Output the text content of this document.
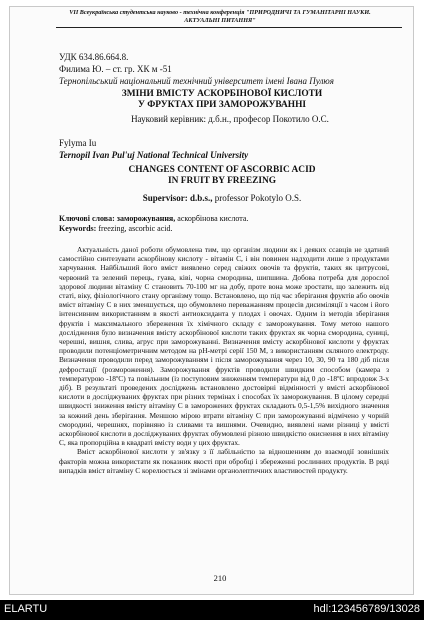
VII Всеукраїнська студентська науково - технічна конференція "ПРИРОДНИЧІ ТА ГУМАНІТАРНІ НАУКИ.
АКТУАЛЬНІ ПИТАННЯ"
УДК 634.86.664.8.
Филима Ю. – ст. гр. ХК м -51
Тернопільський національний технічний університет імені Івана Пулюя
ЗМІНИ ВМІСТУ АСКОРБІНОВОЇ КИСЛОТИ
У ФРУКТАХ ПРИ ЗАМОРОЖУВАННІ
Науковий керівник: д.б.н., професор Покотило О.С.
Fylyma Iu
Ternopil Ivan Pul'uj National Technical University
CHANGES CONTENT OF ASCORBIC ACID
IN FRUIT BY FREEZING
Supervisor: d.b.s., professor Pokotylo O.S.
Ключові слова: заморожування, аскорбінова кислота.
Keywords: freezing, ascorbic acid.

Актуальність даної роботи обумовлена тим, що організм людини як і деяких ссавців не здатний самостійно синтезувати аскорбінову кислоту - вітамін С, і він повинен надходити лише з продуктами харчування. Найбільший його вміст виявлено серед свіжих овочів та фруктів, таких як цитрусові, червоний та зелений перець, гуава, ківі, чорна смородина, шипшина. Добова потреба для дорослої здорової людини вітаміну С становить 70-100 мг на добу, проте вона може зростати, що залежить від статі, віку, фізіологічного стану організму тощо. Встановлено, що під час зберігання фруктів або овочів вміст вітаміну С в них зменшується, що обумовлено переважанням процесів дисиміляції з часом і його інтенсивним використанням в якості антиоксиданта у плодах і овочах. Одним із методів зберігання фруктів і максимального збереження їх хімічного складу є заморожування. Тому метою нашого дослідження було визначення вмісту аскорбінової кислоти таких фруктах як чорна смородина, суниці, черешні, вишня, слива, агрус при заморожуванні. Визначення вмісту аскорбінової кислоти у фруктах проводили потенціометричним методом на рН-метрі серії 150 М, з використанням скляного електроду. Визначення проводили перед заморожуванням і після заморожування через 10, 30, 90 та 180 діб після дефростації (розмороження). Заморожування фруктів проводили швидким способом (камера з температурою -18ºС) та повільним (із поступовим зниженням температури від 0 до -18ºС впродовж 3-х діб). В результаті проведених досліджень встановлено достовірні відмінності у вмісті аскорбінової кислоти в досліджуваних фруктах при різних термінах і способах їх заморожування. В цілому середні швидкості зниження вмісту вітаміну С в заморожених фруктах складають 0,5-1,5% вихідного значення за кожний день зберігання. Меншою мірою втрати вітаміну С при заморожуванні відмічено у чорній смородині, черешнях, порівняно із сливами та вишнями. Очевидно, виявлені нами різниці у вмісті аскорбінової кислоти в досліджуваних фруктах обумовлені різною швидкістю окиснення в них вітаміну С, яка пропорційна в квадраті вмісту води у цих фруктах.

Вміст аскорбінової кислоти у зв'язку з її лабільністю за відношенням до взаємодії зовнішніх факторів можна використати як показник якості при обробці і збереженні рослинних продуктів. В ряді випадків вміст вітаміну С корелюється зі змінами органолептичних властивостей продукту.

210
ELARTU	hdl:123456789/13028
